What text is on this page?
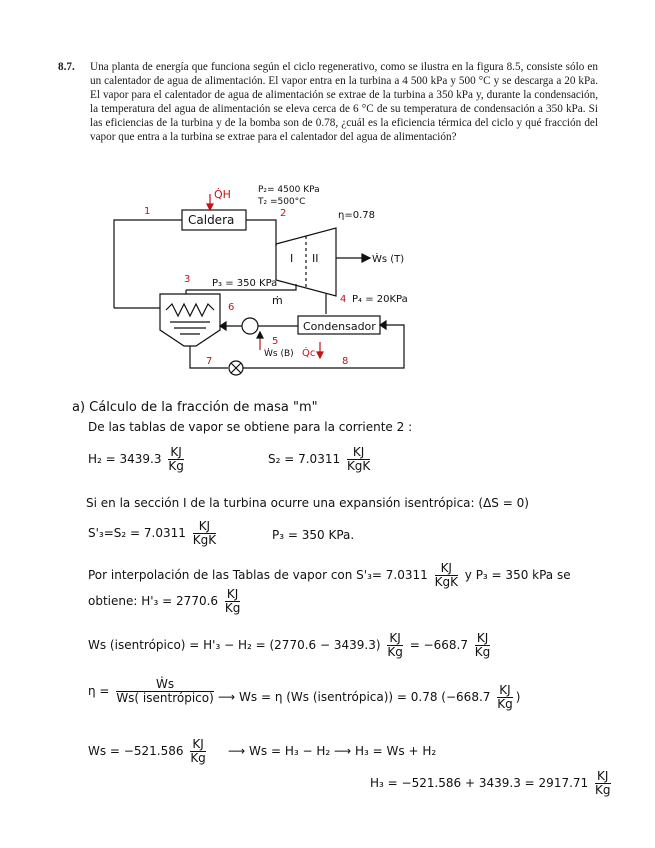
8.7. Una planta de energía que funciona según el ciclo regenerativo, como se ilustra en la figura 8.5, consiste sólo en un calentador de agua de alimentación. El vapor entra en la turbina a 4 500 kPa y 500 °C y se descarga a 20 kPa. El vapor para el calentador de agua de alimentación se extrae de la turbina a 350 kPa y, durante la condensación, la temperatura del agua de alimentación se eleva cerca de 6 °C de su temperatura de condensación a 350 kPa. Si las eficiencias de la turbina y de la bomba son de 0.78, ¿cuál es la eficiencia térmica del ciclo y qué fracción del vapor que entra a la turbina se extrae para el calentador del agua de alimentación?
Q̇H	P₂= 4500 KPa
T₂ =500°C
Caldera	η=0.78
I II	Ẇs (T)
P₃ = 350 KPa
ṁ	P₄ = 20KPa
Condensador
Ẇs (B) Q̇c
1	2
3
4
5
6
7	8
a) Cálculo de la fracción de masa "m"
De las tablas de vapor se obtiene para la corriente 2 :
$H_2 = 3439.3 \frac{KJ}{Kg}$	$S_2 = 7.0311 \frac{KJ}{\text{KgK}}$
Si en la sección I de la turbina ocurre una expansión isentrópica: (ΔS = 0)
$S'_3=S_2 = 7.0311 \frac{KJ}{\text{KgK}}$	P₃ = 350 KPa.
Por interpolación de las Tablas de vapor con $S'_3= 7.0311 \frac{KJ}{\text{KgK}}$ y P₃ = 350 kPa se
obtiene: $H'_3 = 2770.6 \frac{KJ}{Kg}$
Ws (isentrópico) = $H'_3 - H_2 = (2770.6 - 3439.3) \frac{KJ}{Kg} = -668.7 \frac{KJ}{Kg}$
$\eta = \frac{\text{Ẇs}}{\text{Ws( isentrópico)}}$ ⟶ Ws = η (Ws (isentrópica)) = 0.78 ($-668.7 \frac{KJ}{Kg}$ )
$Ws = -521.586 \frac{KJ}{Kg}$ ⟶ Ws = H₃ − H₂ ⟶ H₃ = Ws + H₂
$H_3 = -521.586 + 3439.3 = 2917.71 \frac{KJ}{Kg}$
